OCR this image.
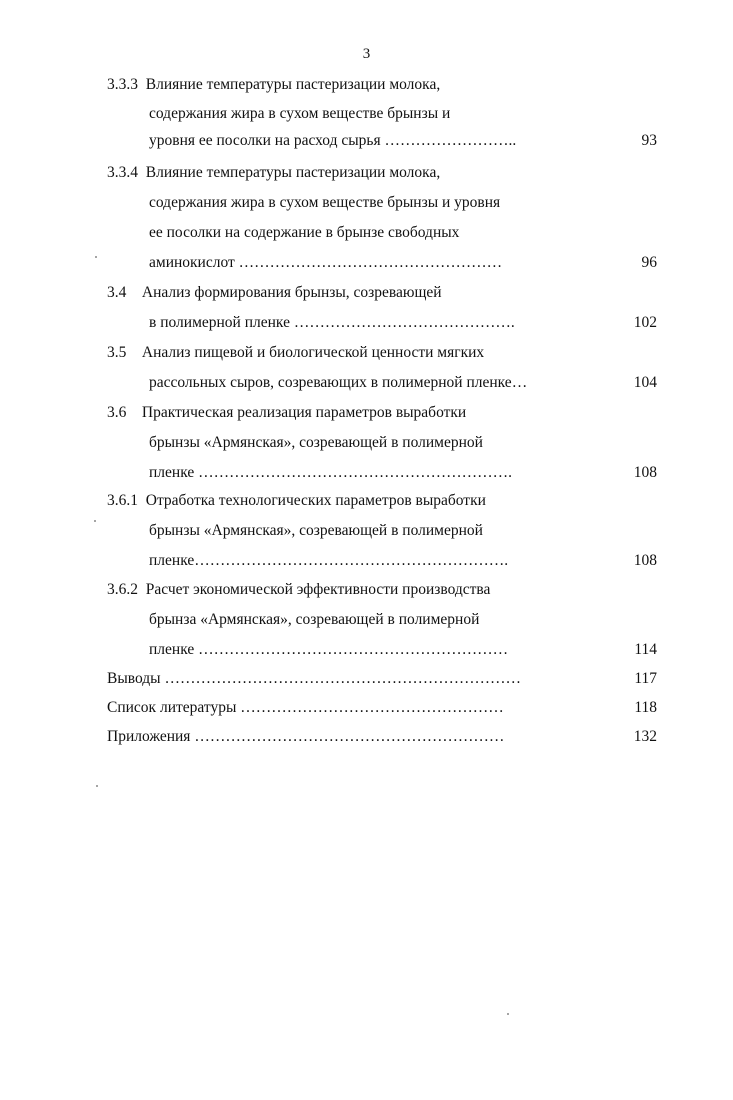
3
3.3.3  Влияние температуры пастеризации молока,
содержания жира в сухом веществе брынзы и
уровня ее посолки на расход сырья ……………………..	93
3.3.4  Влияние температуры пастеризации молока,
содержания жира в сухом веществе брынзы и уровня
ее посолки на содержание в брынзе свободных
аминокислот ……………………………………………	96
3.4    Анализ формирования брынзы, созревающей
в полимерной пленке …………………………………….	102
3.5    Анализ пищевой и биологической ценности мягких
рассольных сыров, созревающих в полимерной пленке…	104
3.6    Практическая реализация параметров выработки
брынзы «Армянская», созревающей в полимерной
пленке …………………………………………………….	108
3.6.1  Отработка технологических параметров выработки
брынзы «Армянская», созревающей в полимерной
пленке…………………………………………………….	108
3.6.2  Расчет экономической эффективности производства
брынза «Армянская», созревающей в полимерной
пленке ……………………………………………………	114
Выводы ……………………………………………………………	117
Список литературы ……………………………………………	118
Приложения ……………………………………………………	132
